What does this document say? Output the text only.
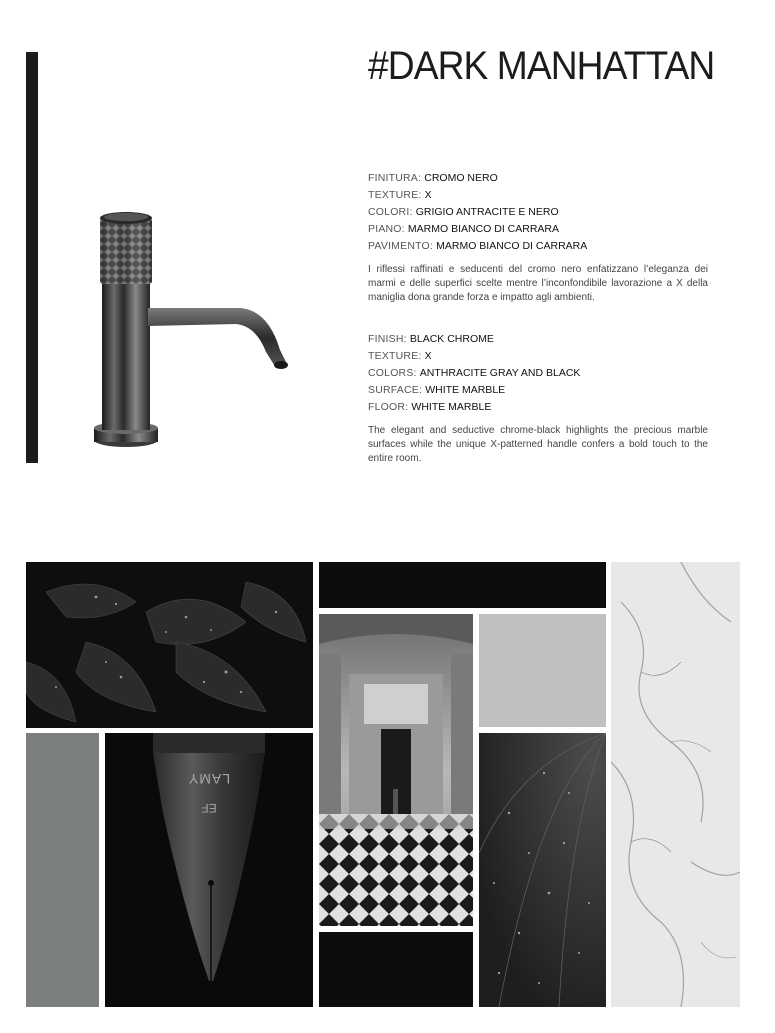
#DARK MANHATTAN
FINITURA: CROMO NERO
TEXTURE: X
COLORI: GRIGIO ANTRACITE E NERO
PIANO: MARMO BIANCO DI CARRARA
PAVIMENTO: MARMO BIANCO DI CARRARA
I riflessi raffinati e seducenti del cromo nero enfatizzano l’eleganza dei marmi e delle superfici scelte mentre l’inconfondibile lavorazione a X della maniglia dona grande forza e impatto agli ambienti.
FINISH: BLACK CHROME
TEXTURE: X
COLORS: ANTHRACITE GRAY AND BLACK
SURFACE: WHITE MARBLE
FLOOR: WHITE MARBLE
The elegant and seductive chrome-black highlights the precious marble surfaces while the unique X-patterned handle confers a bold touch to the entire room.
LAMY
EF
